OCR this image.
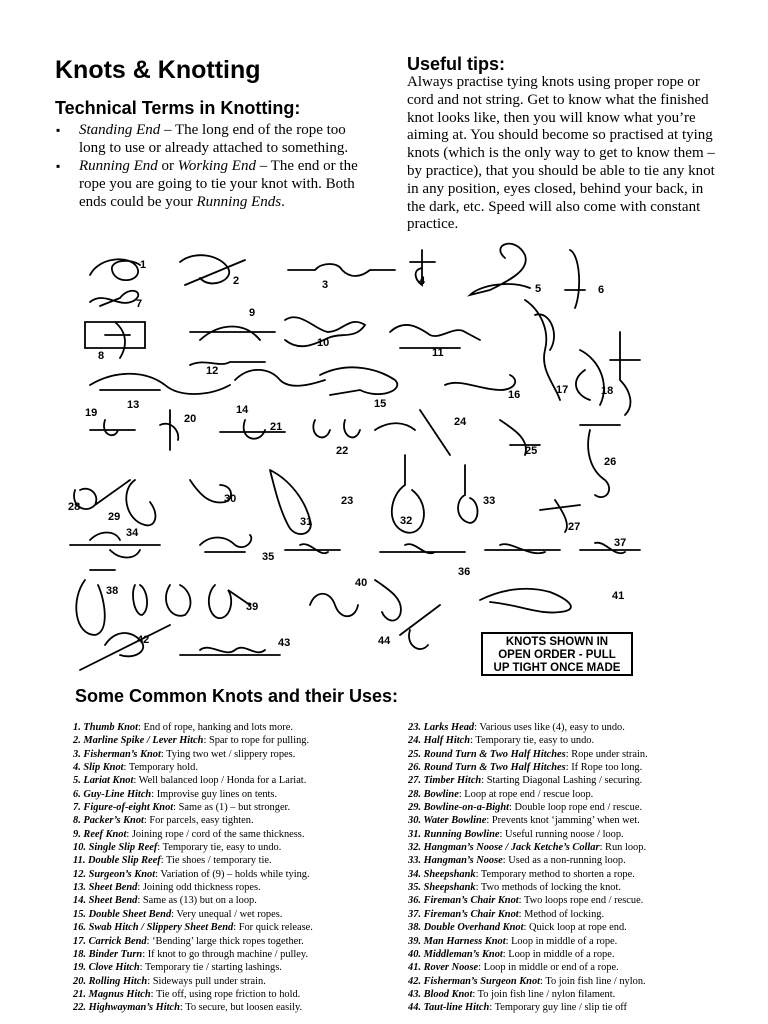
Knots & Knotting
Technical Terms in Knotting:
▪ Standing End – The long end of the rope too long to use or already attached to something.
▪ Running End or Working End – The end or the rope you are going to tie your knot with. Both ends could be your Running Ends.
Useful tips:

Always practise tying knots using proper rope or cord and not string. Get to know what the finished knot looks like, then you will know what you’re aiming at. You should become so practised at tying knots (which is the only way to get to know them – by practice), that you should be able to tie any knot in any position, eyes closed, behind your back, in the dark, etc. Speed will also come with constant practice.

1
2	3	4
5	6
7
8
9
10
11
12
13	14	15
16	17	18
19	20
21
22
23
24
25
26
27
28
29
30
31	32
33
34
35
36
37
38
39
40
41
42	43	44	KNOTS SHOWN IN
OPEN ORDER - PULL
UP TIGHT ONCE MADE
Some Common Knots and their Uses:
1. Thumb Knot: End of rope, hanking and lots more.
2. Marline Spike / Lever Hitch: Spar to rope for pulling.
3. Fisherman’s Knot: Tying two wet / slippery ropes.
4. Slip Knot: Temporary hold.
5. Lariat Knot: Well balanced loop / Honda for a Lariat.
6. Guy-Line Hitch: Improvise guy lines on tents.
7. Figure-of-eight Knot: Same as (1) – but stronger.
8. Packer’s Knot: For parcels, easy tighten.
9. Reef Knot: Joining rope / cord of the same thickness.
10. Single Slip Reef: Temporary tie, easy to undo.
11. Double Slip Reef: Tie shoes / temporary tie.
12. Surgeon’s Knot: Variation of (9) – holds while tying.
13. Sheet Bend: Joining odd thickness ropes.
14. Sheet Bend: Same as (13) but on a loop.
15. Double Sheet Bend: Very unequal / wet ropes.
16. Swab Hitch / Slippery Sheet Bend: For quick release.
17. Carrick Bend: ‘Bending’ large thick ropes together.
18. Binder Turn: If knot to go through machine / pulley.
19. Clove Hitch: Temporary tie / starting lashings.
20. Rolling Hitch: Sideways pull under strain.
21. Magnus Hitch: Tie off, using rope friction to hold.
22. Highwayman’s Hitch: To secure, but loosen easily.
23. Larks Head: Various uses like (4), easy to undo.
24. Half Hitch: Temporary tie, easy to undo.
25. Round Turn & Two Half Hitches: Rope under strain.
26. Round Turn & Two Half Hitches: If Rope too long.
27. Timber Hitch: Starting Diagonal Lashing / securing.
28. Bowline: Loop at rope end / rescue loop.
29. Bowline-on-a-Bight: Double loop rope end / rescue.
30. Water Bowline: Prevents knot ‘jamming’ when wet.
31. Running Bowline: Useful running noose / loop.
32. Hangman’s Noose / Jack Ketche’s Collar: Run loop.
33. Hangman’s Noose: Used as a non-running loop.
34. Sheepshank: Temporary method to shorten a rope.
35. Sheepshank: Two methods of locking the knot.
36. Fireman’s Chair Knot: Two loops rope end / rescue.
37. Fireman’s Chair Knot: Method of locking.
38. Double Overhand Knot: Quick loop at rope end.
39. Man Harness Knot: Loop in middle of a rope.
40. Middleman’s Knot: Loop in middle of a rope.
41. Rover Noose: Loop in middle or end of a rope.
42. Fisherman’s Surgeon Knot: To join fish line / nylon.
43. Blood Knot: To join fish line / nylon filament.
44. Taut-line Hitch: Temporary guy line / slip tie off
